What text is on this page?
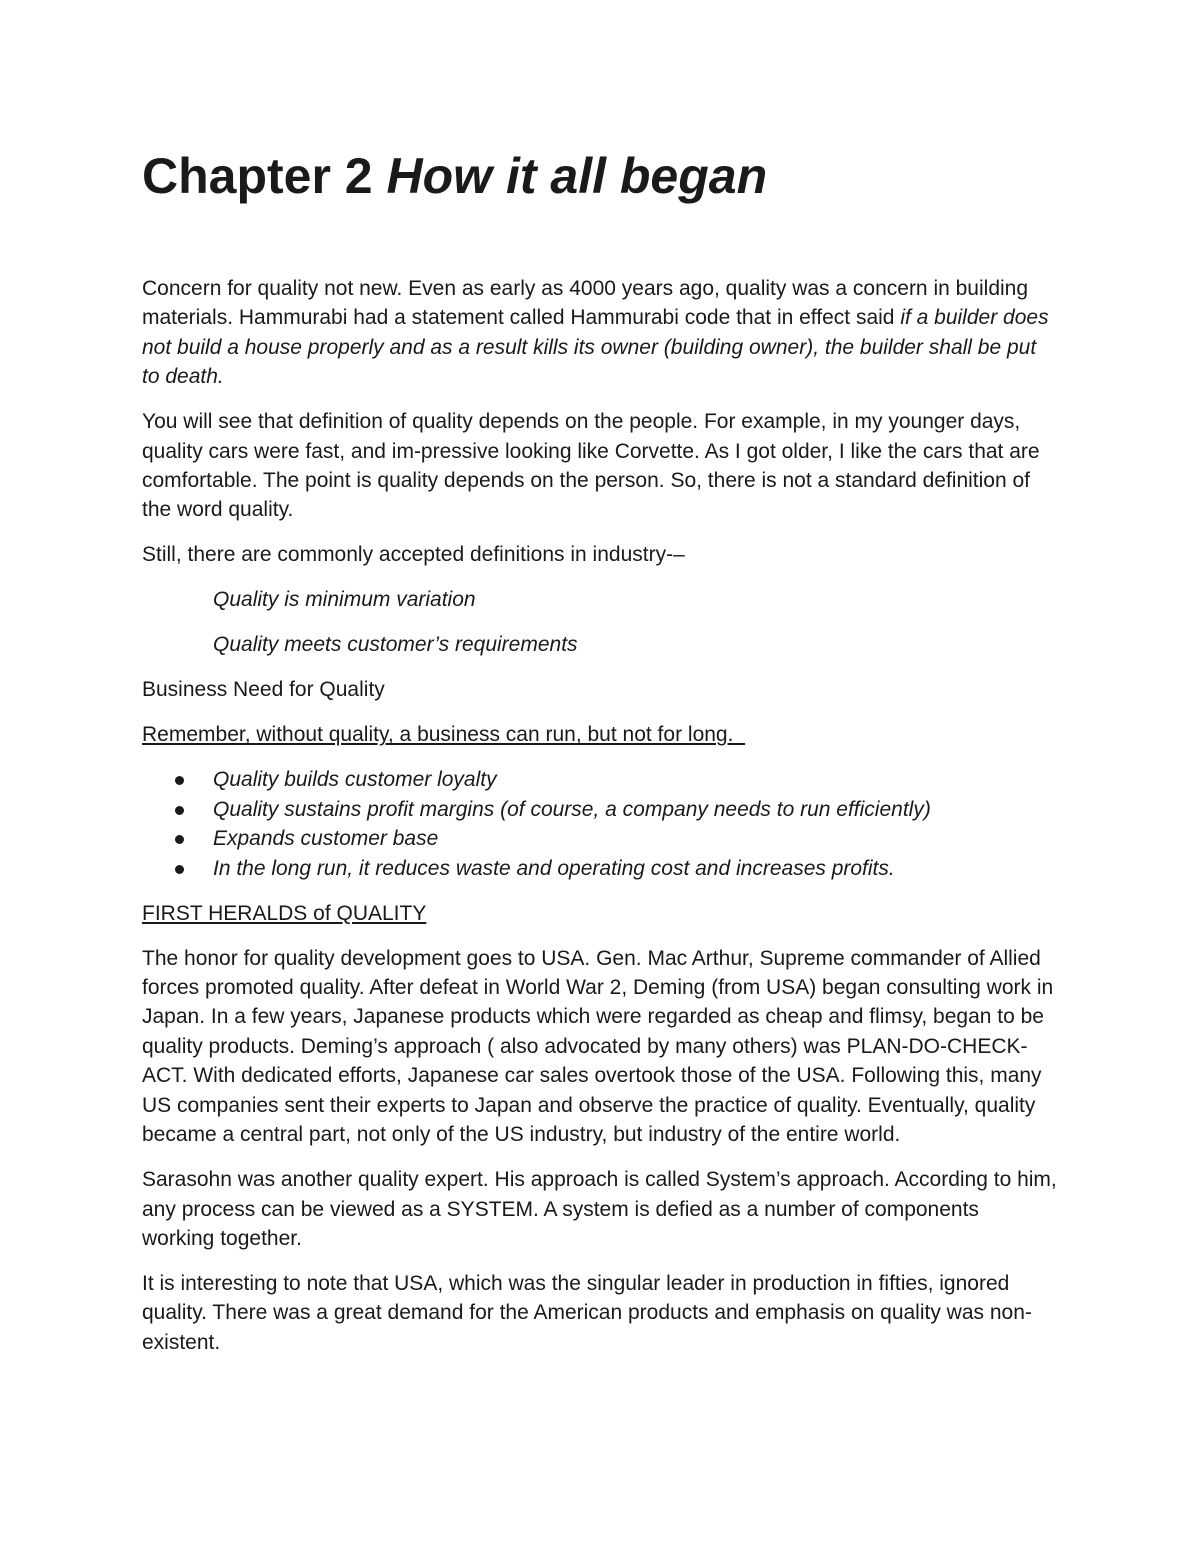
Chapter 2 How it all began

Concern for quality not new. Even as early as 4000 years ago, quality was a concern in building materials. Hammurabi had a statement called Hammurabi code that in effect said if a builder does not build a house properly and as a result kills its owner (building owner), the builder shall be put to death.

You will see that definition of quality depends on the people. For example, in my younger days, quality cars were fast, and im-pressive looking like Corvette. As I got older, I like the cars that are comfortable. The point is quality depends on the person. So, there is not a standard definition of the word quality.

Still, there are commonly accepted definitions in industry-–

Quality is minimum variation

Quality meets customer’s requirements

Business Need for Quality

Remember, without quality, a business can run, but not for long.

Quality builds customer loyalty
Quality sustains profit margins (of course, a company needs to run efficiently)
Expands customer base
In the long run, it reduces waste and operating cost and increases profits.

FIRST HERALDS of QUALITY

The honor for quality development goes to USA. Gen. Mac Arthur, Supreme commander of Allied forces promoted quality. After defeat in World War 2, Deming (from USA) began consulting work in Japan. In a few years, Japanese products which were regarded as cheap and flimsy, began to be quality products. Deming’s approach ( also advocated by many others) was PLAN-DO-CHECK-ACT. With dedicated efforts, Japanese car sales overtook those of the USA. Following this, many US companies sent their experts to Japan and observe the practice of quality. Eventually, quality became a central part, not only of the US industry, but industry of the entire world.

Sarasohn was another quality expert. His approach is called System’s approach. According to him, any process can be viewed as a SYSTEM. A system is defied as a number of components working together.

It is interesting to note that USA, which was the singular leader in production in fifties, ignored quality. There was a great demand for the American products and emphasis on quality was non-existent.
